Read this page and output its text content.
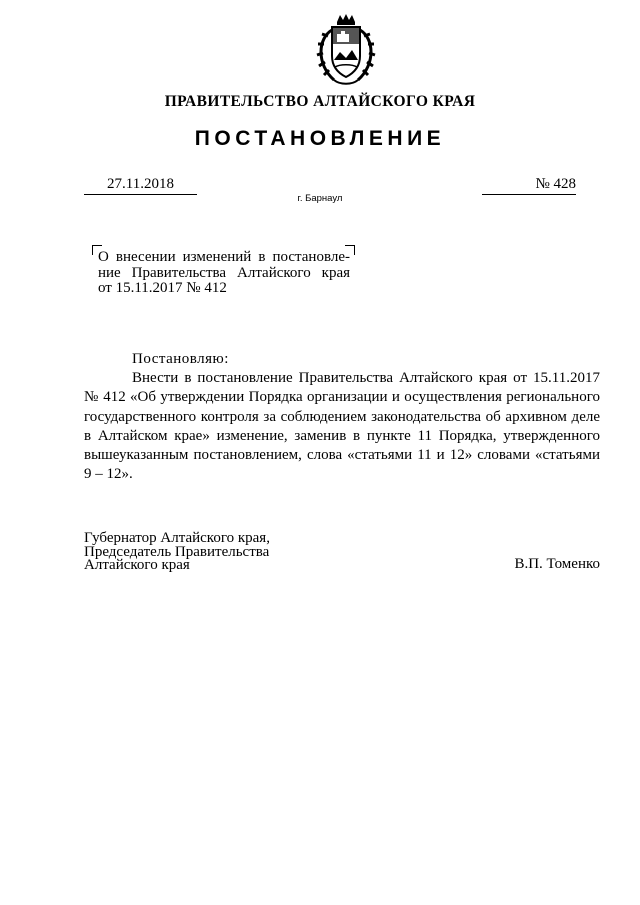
ПРАВИТЕЛЬСТВО АЛТАЙСКОГО КРАЯ
ПОСТАНОВЛЕНИЕ
27.11.2018	№ 428
г. Барнаул
О внесении изменений в постановле-
ние Правительства Алтайского края
от 15.11.2017 № 412
Постановляю:

Внести в постановление Правительства Алтайского края от 15.11.2017 № 412 «Об утверждении Порядка организации и осуществления регионального государственного контроля за соблюдением законодательства об архивном деле в Алтайском крае» изменение, заменив в пункте 11 Порядка, утвержденного вышеуказанным постановлением, слова «статьями 11 и 12» словами «статьями 9 – 12».

Губернатор Алтайского края,
Председатель Правительства
Алтайского края	В.П. Томенко
